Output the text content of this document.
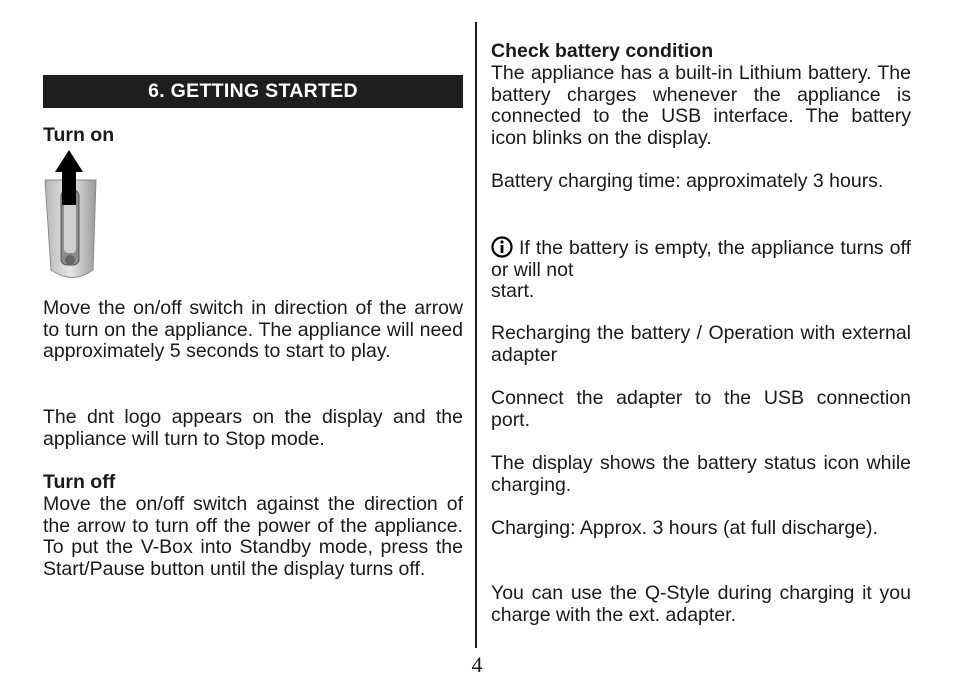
6. GETTING STARTED

Turn on

Move the on/off switch in direction of the arrow to turn on the appliance. The appliance will need approximately 5 seconds to start to play.

The dnt logo appears on the display and the appliance will turn to Stop mode.

Turn off

Move the on/off switch against the direction of the arrow to turn off the power of the appliance. To put the V-Box into Standby mode, press the Start/Pause button until the display turns off.

Check battery condition

The appliance has a built-in Lithium battery. The battery charges whenever the appliance is connected to the USB interface. The battery icon blinks on the display.

Battery charging time: approximately 3 hours.

If the battery is empty, the appliance turns off or will not
start.

Recharging the battery / Operation with external adapter

Connect the adapter to the USB connection port.

The display shows the battery status icon while charging.

Charging: Approx. 3 hours (at full discharge).

You can use the Q-Style during charging it you charge with the ext. adapter.

4
